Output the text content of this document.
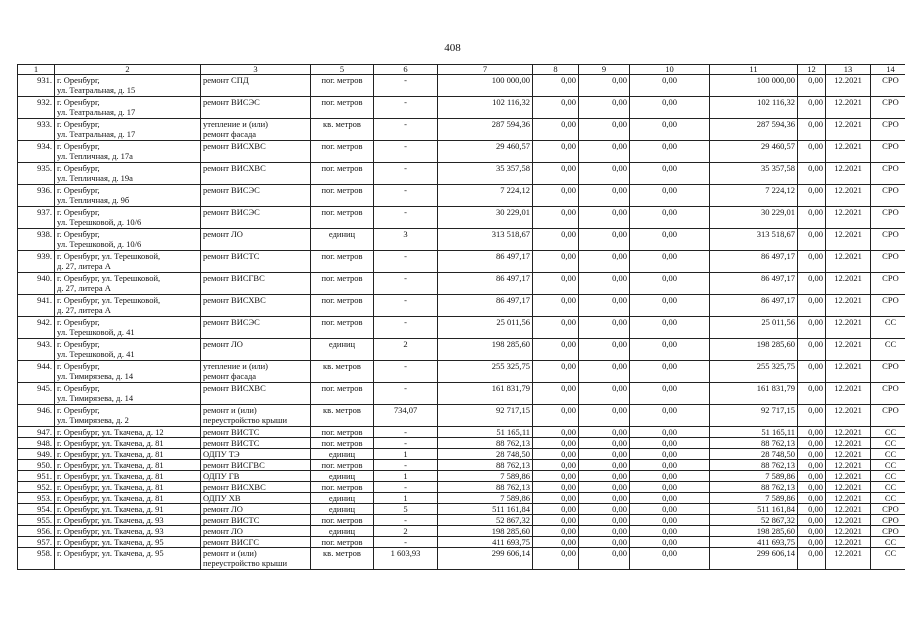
408
1	2	3	5	6	7	8	9	10	11	12	13	14
931.	г. Оренбург,
ул. Театральная, д. 15	ремонт СПД	пог. метров	-	100 000,00	0,00	0,00	0,00	100 000,00	0,00	12.2021	СРО
932.	г. Оренбург,
ул. Театральная, д. 17	ремонт ВИСЭС	пог. метров	-	102 116,32	0,00	0,00	0,00	102 116,32	0,00	12.2021	СРО
933.	г. Оренбург,
ул. Театральная, д. 17	утепление и (или)
ремонт фасада	кв. метров	-	287 594,36	0,00	0,00	0,00	287 594,36	0,00	12.2021	СРО
934.	г. Оренбург,
ул. Тепличная, д. 17а	ремонт ВИСХВС	пог. метров	-	29 460,57	0,00	0,00	0,00	29 460,57	0,00	12.2021	СРО
935.	г. Оренбург,
ул. Тепличная, д. 19а	ремонт ВИСХВС	пог. метров	-	35 357,58	0,00	0,00	0,00	35 357,58	0,00	12.2021	СРО
936.	г. Оренбург,
ул. Тепличная, д. 9б	ремонт ВИСЭС	пог. метров	-	7 224,12	0,00	0,00	0,00	7 224,12	0,00	12.2021	СРО
937.	г. Оренбург,
ул. Терешковой, д. 10/6	ремонт ВИСЭС	пог. метров	-	30 229,01	0,00	0,00	0,00	30 229,01	0,00	12.2021	СРО
938.	г. Оренбург,
ул. Терешковой, д. 10/6	ремонт ЛО	единиц	3	313 518,67	0,00	0,00	0,00	313 518,67	0,00	12.2021	СРО
939.	г. Оренбург, ул. Терешковой,
д. 27, литера А	ремонт ВИСТС	пог. метров	-	86 497,17	0,00	0,00	0,00	86 497,17	0,00	12.2021	СРО
940.	г. Оренбург, ул. Терешковой,
д. 27, литера А	ремонт ВИСГВС	пог. метров	-	86 497,17	0,00	0,00	0,00	86 497,17	0,00	12.2021	СРО
941.	г. Оренбург, ул. Терешковой,
д. 27, литера А	ремонт ВИСХВС	пог. метров	-	86 497,17	0,00	0,00	0,00	86 497,17	0,00	12.2021	СРО
942.	г. Оренбург,
ул. Терешковой, д. 41	ремонт ВИСЭС	пог. метров	-	25 011,56	0,00	0,00	0,00	25 011,56	0,00	12.2021	СС
943.	г. Оренбург,
ул. Терешковой, д. 41	ремонт ЛО	единиц	2	198 285,60	0,00	0,00	0,00	198 285,60	0,00	12.2021	СС
944.	г. Оренбург,
ул. Тимирязева, д. 14	утепление и (или)
ремонт фасада	кв. метров	-	255 325,75	0,00	0,00	0,00	255 325,75	0,00	12.2021	СРО
945.	г. Оренбург,
ул. Тимирязева, д. 14	ремонт ВИСХВС	пог. метров	-	161 831,79	0,00	0,00	0,00	161 831,79	0,00	12.2021	СРО
946.	г. Оренбург,
ул. Тимирязева, д. 2	ремонт и (или)
переустройство крыши	кв. метров	734,07	92 717,15	0,00	0,00	0,00	92 717,15	0,00	12.2021	СРО
947.	г. Оренбург, ул. Ткачева, д. 12	ремонт ВИСТС	пог. метров	-	51 165,11	0,00	0,00	0,00	51 165,11	0,00	12.2021	СС
948.	г. Оренбург, ул. Ткачева, д. 81	ремонт ВИСТС	пог. метров	-	88 762,13	0,00	0,00	0,00	88 762,13	0,00	12.2021	СС
949.	г. Оренбург, ул. Ткачева, д. 81	ОДПУ ТЭ	единиц	1	28 748,50	0,00	0,00	0,00	28 748,50	0,00	12.2021	СС
950.	г. Оренбург, ул. Ткачева, д. 81	ремонт ВИСГВС	пог. метров	-	88 762,13	0,00	0,00	0,00	88 762,13	0,00	12.2021	СС
951.	г. Оренбург, ул. Ткачева, д. 81	ОДПУ ГВ	единиц	1	7 589,86	0,00	0,00	0,00	7 589,86	0,00	12.2021	СС
952.	г. Оренбург, ул. Ткачева, д. 81	ремонт ВИСХВС	пог. метров	-	88 762,13	0,00	0,00	0,00	88 762,13	0,00	12.2021	СС
953.	г. Оренбург, ул. Ткачева, д. 81	ОДПУ ХВ	единиц	1	7 589,86	0,00	0,00	0,00	7 589,86	0,00	12.2021	СС
954.	г. Оренбург, ул. Ткачева, д. 91	ремонт ЛО	единиц	5	511 161,84	0,00	0,00	0,00	511 161,84	0,00	12.2021	СРО
955.	г. Оренбург, ул. Ткачева, д. 93	ремонт ВИСТС	пог. метров	-	52 867,32	0,00	0,00	0,00	52 867,32	0,00	12.2021	СРО
956.	г. Оренбург, ул. Ткачева, д. 93	ремонт ЛО	единиц	2	198 285,60	0,00	0,00	0,00	198 285,60	0,00	12.2021	СРО
957.	г. Оренбург, ул. Ткачева, д. 95	ремонт ВИСГС	пог. метров	-	411 693,75	0,00	0,00	0,00	411 693,75	0,00	12.2021	СС
958.	г. Оренбург, ул. Ткачева, д. 95	ремонт и (или)
переустройство крыши	кв. метров	1 603,93	299 606,14	0,00	0,00	0,00	299 606,14	0,00	12.2021	СС
